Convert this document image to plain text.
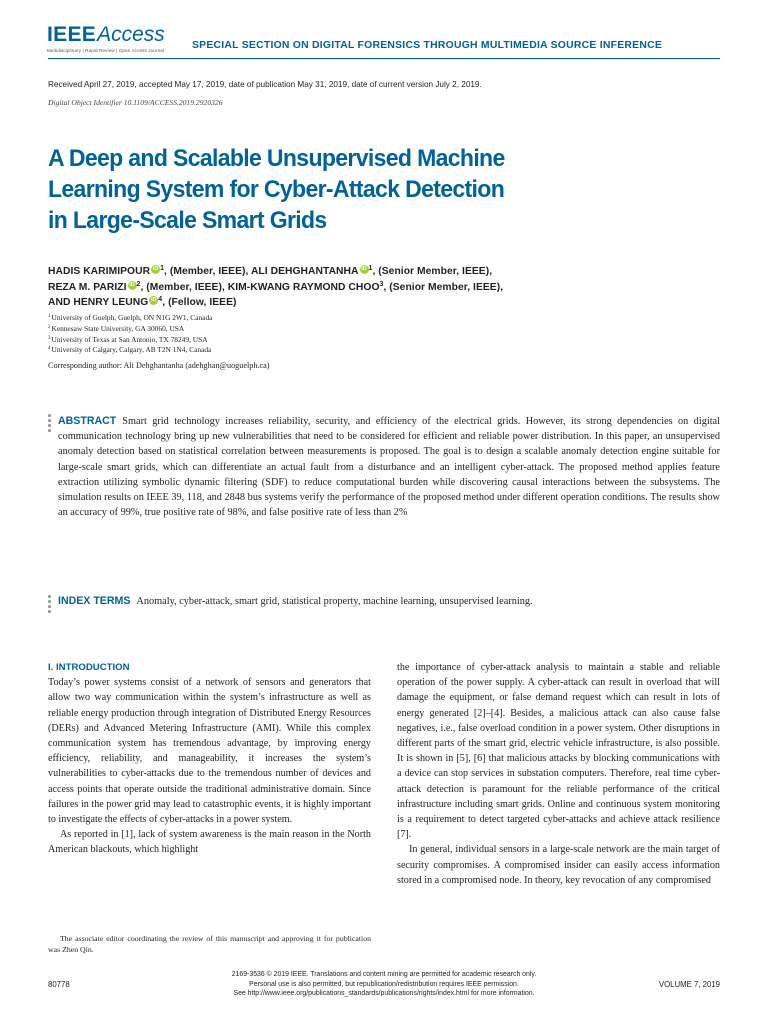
IEEEAccess
Multidisciplinary | Rapid Review | Open Access Journal	SPECIAL SECTION ON DIGITAL FORENSICS THROUGH MULTIMEDIA SOURCE INFERENCE
Received April 27, 2019, accepted May 17, 2019, date of publication May 31, 2019, date of current version July 2, 2019.
Digital Object Identifier 10.1109/ACCESS.2019.2920326
A Deep and Scalable Unsupervised Machine
Learning System for Cyber-Attack Detection
in Large-Scale Smart Grids
HADIS KARIMIPOUR iD $^1$, (Member, IEEE), ALI DEHGHANTANHA iD $^1$, (Senior Member, IEEE),
REZA M. PARIZI iD $^2$, (Member, IEEE), KIM-KWANG RAYMOND CHOO$^3$, (Senior Member, IEEE),
AND HENRY LEUNG iD $^4$, (Fellow, IEEE)
$^1$University of Guelph, Guelph, ON N1G 2W1, Canada
$^2$Kennesaw State University, GA 30060, USA
$^3$University of Texas at San Antonio, TX 78249, USA
$^4$University of Calgary, Calgary, AB T2N 1N4, Canada
Corresponding author: Ali Dehghantanha (adehghan@uoguelph.ca)
ABSTRACT Smart grid technology increases reliability, security, and efficiency of the electrical grids. However, its strong dependencies on digital communication technology bring up new vulnerabilities that need to be considered for efficient and reliable power distribution. In this paper, an unsupervised anomaly detection based on statistical correlation between measurements is proposed. The goal is to design a scalable anomaly detection engine suitable for large-scale smart grids, which can differentiate an actual fault from a disturbance and an intelligent cyber-attack. The proposed method applies feature extraction utilizing symbolic dynamic filtering (SDF) to reduce computational burden while discovering causal interactions between the subsystems. The simulation results on IEEE 39, 118, and 2848 bus systems verify the performance of the proposed method under different operation conditions. The results show an accuracy of 99%, true positive rate of 98%, and false positive rate of less than 2%
INDEX TERMS Anomaly, cyber-attack, smart grid, statistical property, machine learning, unsupervised learning.
I. INTRODUCTION

Today’s power systems consist of a network of sensors and generators that allow two way communication within the system’s infrastructure as well as reliable energy production through integration of Distributed Energy Resources (DERs) and Advanced Metering Infrastructure (AMI). While this complex communication system has tremendous advantage, by improving energy efficiency, reliability, and manageability, it increases the system’s vulnerabilities to cyber-attacks due to the tremendous number of devices and access points that operate outside the traditional administrative domain. Since failures in the power grid may lead to catastrophic events, it is highly important to investigate the effects of cyber-attacks in a power system.

As reported in [1], lack of system awareness is the main reason in the North American blackouts, which highlight

the importance of cyber-attack analysis to maintain a stable and reliable operation of the power supply. A cyber-attack can result in overload that will damage the equipment, or false demand request which can result in lots of energy generated [2]–[4]. Besides, a malicious attack can also cause false negatives, i.e., false overload condition in a power system. Other disruptions in different parts of the smart grid, electric vehicle infrastructure, is also possible. It is shown in [5], [6] that malicious attacks by blocking communications with a device can stop services in substation computers. Therefore, real time cyber-attack detection is paramount for the reliable performance of the critical infrastructure including smart grids. Online and continuous system monitoring is a requirement to detect targeted cyber-attacks and achieve attack resilience [7].

In general, individual sensors in a large-scale network are the main target of security compromises. A compromised insider can easily access information stored in a compromised node. In theory, key revocation of any compromised

The associate editor coordinating the review of this manuscript and approving it for publication was Zhen Qin.
80778
2169-3536 © 2019 IEEE. Translations and content mining are permitted for academic research only.
Personal use is also permitted, but republication/redistribution requires IEEE permission.
See http://www.ieee.org/publications_standards/publications/rights/index.html for more information.
VOLUME 7, 2019
